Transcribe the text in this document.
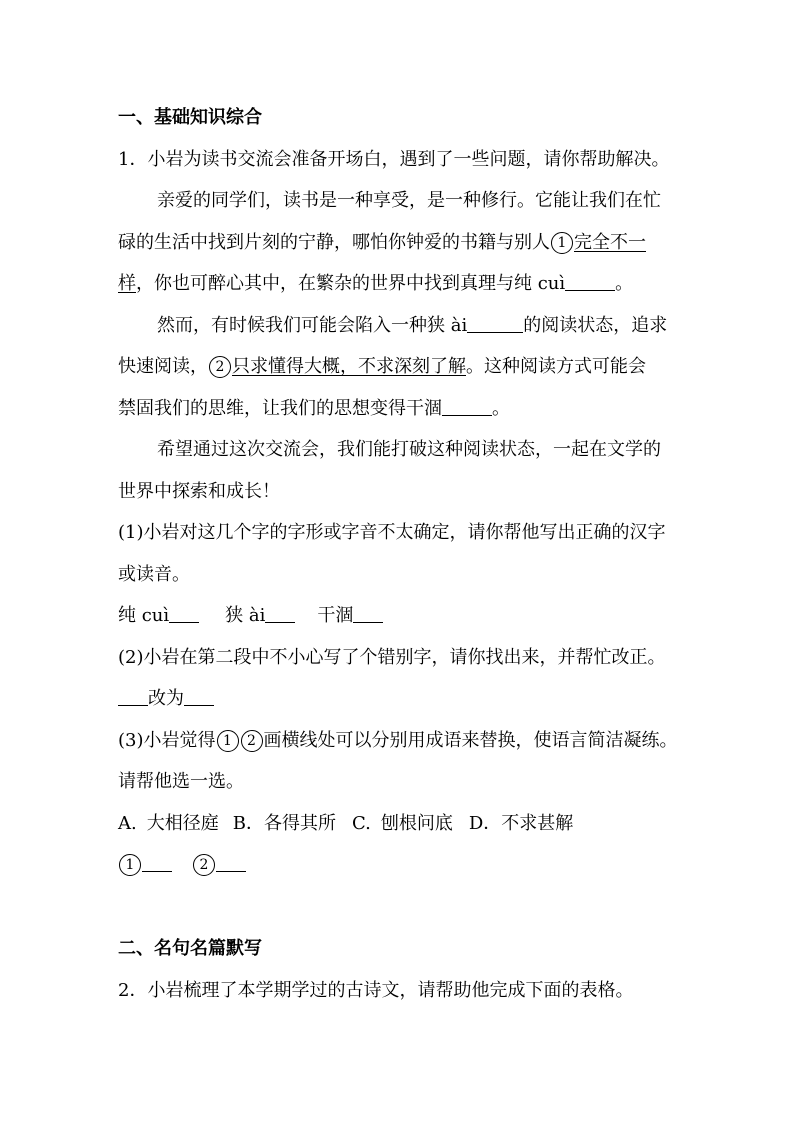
一、基础知识综合
1．小岩为读书交流会准备开场白，遇到了一些问题，请你帮助解决。
亲爱的同学们，读书是一种享受，是一种修行。它能让我们在忙
碌的生活中找到片刻的宁静，哪怕你钟爱的书籍与别人 1 完全不一
样，你也可醉心其中，在繁杂的世界中找到真理与纯 cuì	。
然而，有时候我们可能会陷入一种狭 ài	的阅读状态，追求
快速阅读， 2 只求懂得大概，不求深刻了解。这种阅读方式可能会
禁固我们的思维，让我们的思想变得干涸	。
希望通过这次交流会，我们能打破这种阅读状态，一起在文学的
世界中探索和成长！
(1)小岩对这几个字的字形或字音不太确定，请你帮他写出正确的汉字
或读音。
纯 cuì	狭 ài	干涸
(2)小岩在第二段中不小心写了个错别字，请你找出来，并帮忙改正。
改为
(3)小岩觉得 1 2 画横线处可以分别用成语来替换，使语言简洁凝练。
请帮他选一选。
A. 大相径庭 B．各得其所 C. 刨根问底 D．不求甚解
1	2
二、名句名篇默写
2．小岩梳理了本学期学过的古诗文，请帮助他完成下面的表格。
